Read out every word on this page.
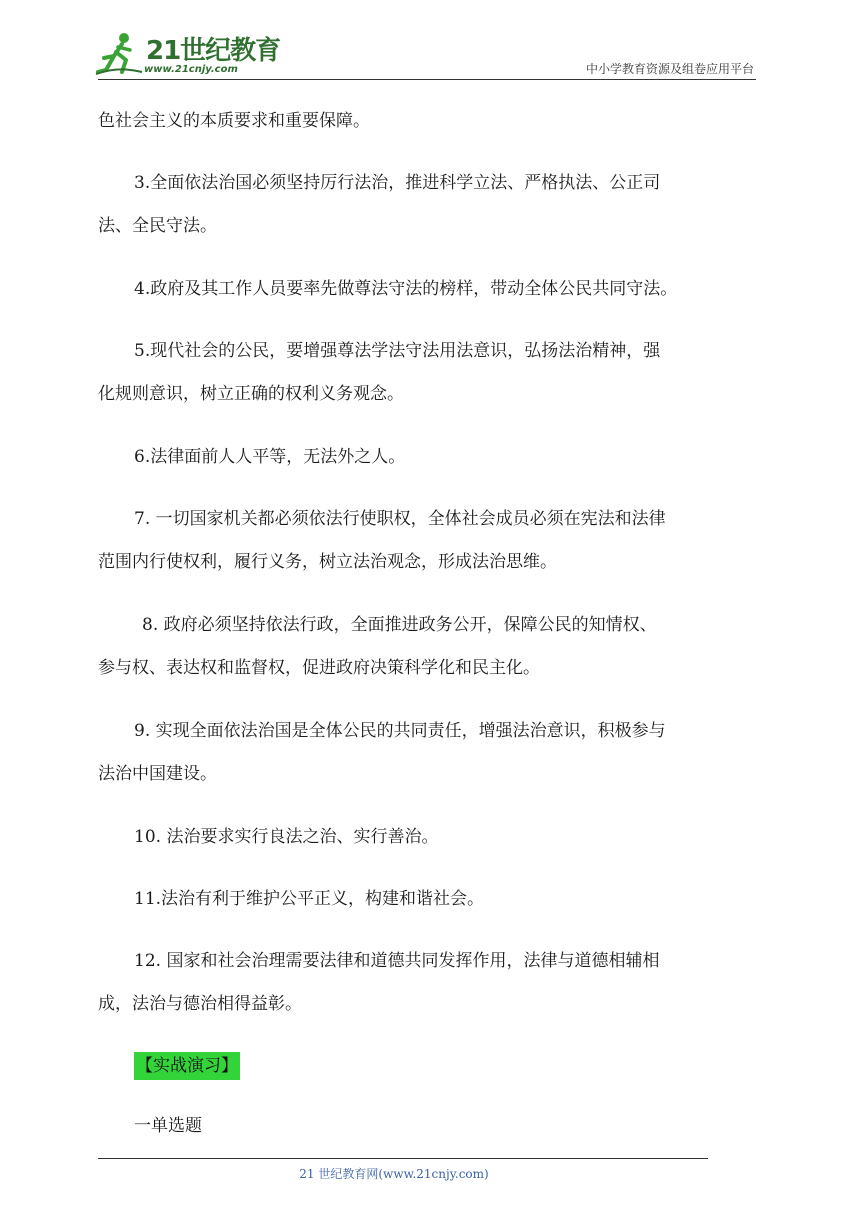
21世纪教育
www.21cnjy.com	中小学教育资源及组卷应用平台
色社会主义的本质要求和重要保障。
3.全面依法治国必须坚持厉行法治，推进科学立法、严格执法、公正司
法、全民守法。
4.政府及其工作人员要率先做尊法守法的榜样，带动全体公民共同守法。
5.现代社会的公民，要增强尊法学法守法用法意识，弘扬法治精神，强
化规则意识，树立正确的权利义务观念。
6.法律面前人人平等，无法外之人。
7. 一切国家机关都必须依法行使职权，全体社会成员必须在宪法和法律
范围内行使权利，履行义务，树立法治观念，形成法治思维。
8. 政府必须坚持依法行政，全面推进政务公开，保障公民的知情权、
参与权、表达权和监督权，促进政府决策科学化和民主化。
9. 实现全面依法治国是全体公民的共同责任，增强法治意识，积极参与
法治中国建设。
10. 法治要求实行良法之治、实行善治。
11.法治有利于维护公平正义，构建和谐社会。
12. 国家和社会治理需要法律和道德共同发挥作用，法律与道德相辅相
成，法治与德治相得益彰。
【实战演习】
一单选题
21 世纪教育网(www.21cnjy.com)
